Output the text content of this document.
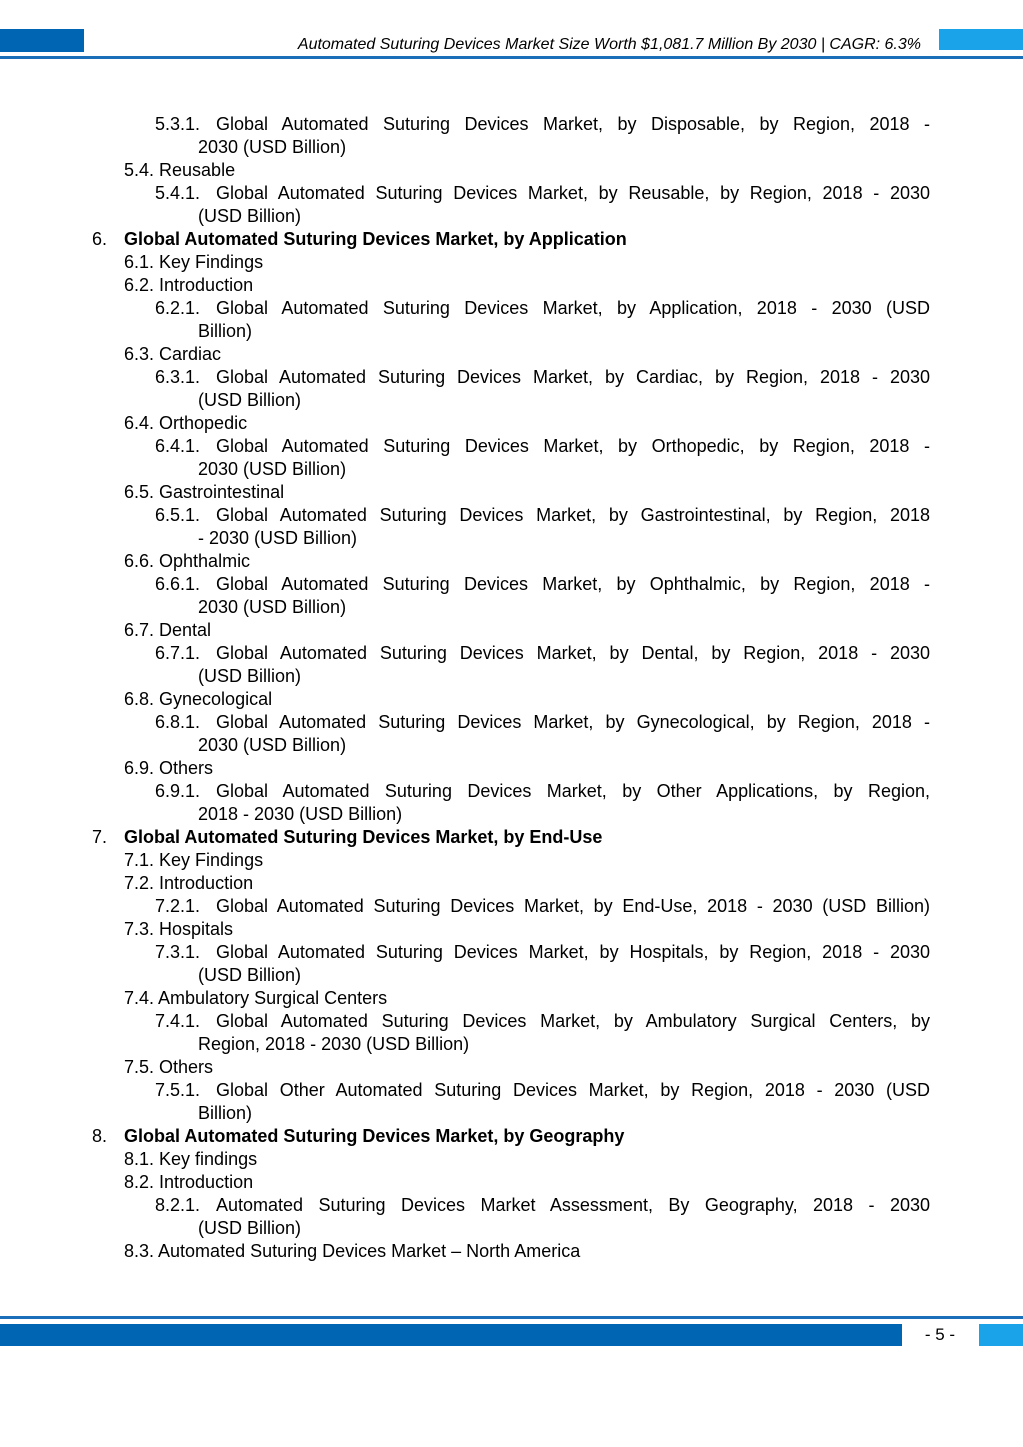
Automated Suturing Devices Market Size Worth $1,081.7 Million By 2030 | CAGR: 6.3%
5.3.1. Global Automated Suturing Devices Market, by Disposable, by Region, 2018 -
2030 (USD Billion)
5.4. Reusable
5.4.1. Global Automated Suturing Devices Market, by Reusable, by Region, 2018 - 2030
(USD Billion)
6. Global Automated Suturing Devices Market, by Application
6.1. Key Findings
6.2. Introduction
6.2.1. Global Automated Suturing Devices Market, by Application, 2018 - 2030 (USD
Billion)
6.3. Cardiac
6.3.1. Global Automated Suturing Devices Market, by Cardiac, by Region, 2018 - 2030
(USD Billion)
6.4. Orthopedic
6.4.1. Global Automated Suturing Devices Market, by Orthopedic, by Region, 2018 -
2030 (USD Billion)
6.5. Gastrointestinal
6.5.1. Global Automated Suturing Devices Market, by Gastrointestinal, by Region, 2018
- 2030 (USD Billion)
6.6. Ophthalmic
6.6.1. Global Automated Suturing Devices Market, by Ophthalmic, by Region, 2018 -
2030 (USD Billion)
6.7. Dental
6.7.1. Global Automated Suturing Devices Market, by Dental, by Region, 2018 - 2030
(USD Billion)
6.8. Gynecological
6.8.1. Global Automated Suturing Devices Market, by Gynecological, by Region, 2018 -
2030 (USD Billion)
6.9. Others
6.9.1. Global Automated Suturing Devices Market, by Other Applications, by Region,
2018 - 2030 (USD Billion)
7. Global Automated Suturing Devices Market, by End-Use
7.1. Key Findings
7.2. Introduction
7.2.1. Global Automated Suturing Devices Market, by End-Use, 2018 - 2030 (USD Billion)
7.3. Hospitals
7.3.1. Global Automated Suturing Devices Market, by Hospitals, by Region, 2018 - 2030
(USD Billion)
7.4. Ambulatory Surgical Centers
7.4.1. Global Automated Suturing Devices Market, by Ambulatory Surgical Centers, by
Region, 2018 - 2030 (USD Billion)
7.5. Others
7.5.1. Global Other Automated Suturing Devices Market, by Region, 2018 - 2030 (USD
Billion)
8. Global Automated Suturing Devices Market, by Geography
8.1. Key findings
8.2. Introduction
8.2.1. Automated Suturing Devices Market Assessment, By Geography, 2018 - 2030
(USD Billion)
8.3. Automated Suturing Devices Market – North America
- 5 -
